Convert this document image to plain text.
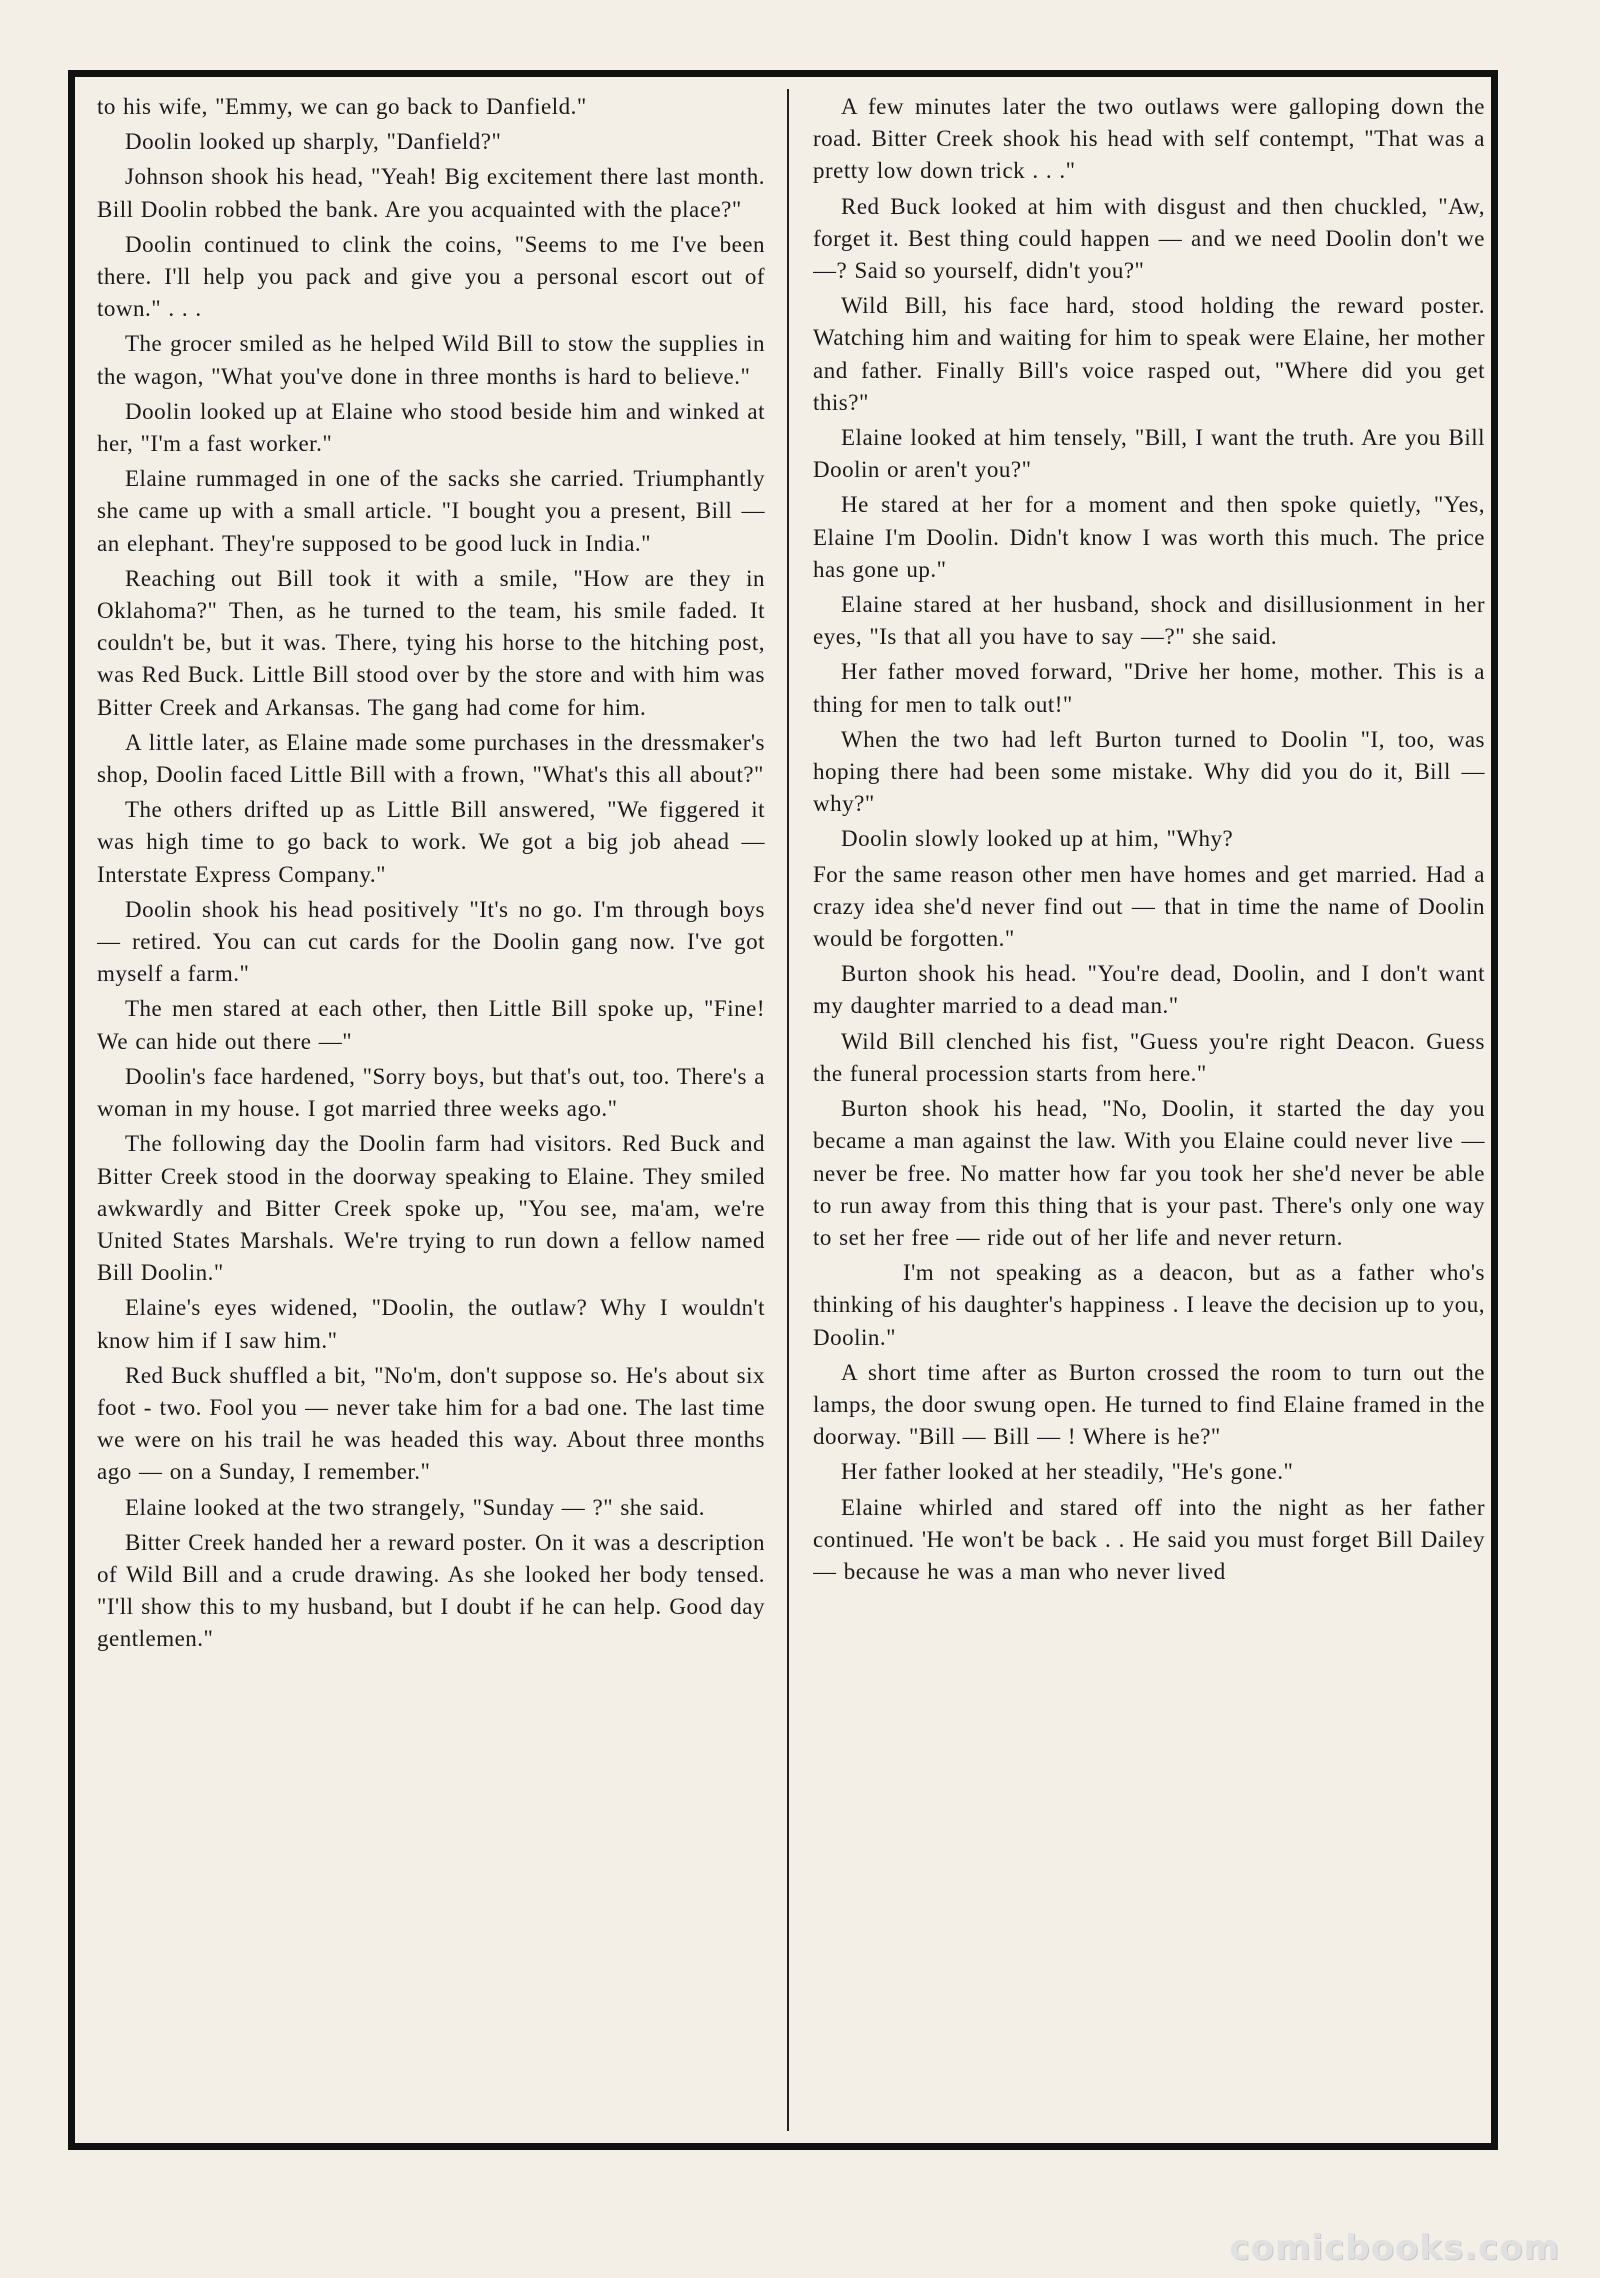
to his wife, "Emmy, we can go back to Danfield."

Doolin looked up sharply, "Danfield?"

Johnson shook his head, "Yeah! Big excitement there last month. Bill Doolin robbed the bank. Are you acquainted with the place?"

Doolin continued to clink the coins, "Seems to me I've been there. I'll help you pack and give you a personal escort out of town." . . .

The grocer smiled as he helped Wild Bill to stow the supplies in the wagon, "What you've done in three months is hard to believe."

Doolin looked up at Elaine who stood beside him and winked at her, "I'm a fast worker."

Elaine rummaged in one of the sacks she carried. Triumphantly she came up with a small article. "I bought you a present, Bill — an elephant. They're supposed to be good luck in India."

Reaching out Bill took it with a smile, "How are they in Oklahoma?" Then, as he turned to the team, his smile faded. It couldn't be, but it was. There, tying his horse to the hitching post, was Red Buck. Little Bill stood over by the store and with him was Bitter Creek and Arkansas. The gang had come for him.

A little later, as Elaine made some purchases in the dressmaker's shop, Doolin faced Little Bill with a frown, "What's this all about?"

The others drifted up as Little Bill answered, "We figgered it was high time to go back to work. We got a big job ahead — Interstate Express Company."

Doolin shook his head positively "It's no go. I'm through boys — retired. You can cut cards for the Doolin gang now. I've got myself a farm."

The men stared at each other, then Little Bill spoke up, "Fine! We can hide out there —"

Doolin's face hardened, "Sorry boys, but that's out, too. There's a woman in my house. I got married three weeks ago."

The following day the Doolin farm had visitors. Red Buck and Bitter Creek stood in the doorway speaking to Elaine. They smiled awkwardly and Bitter Creek spoke up, "You see, ma'am, we're United States Marshals. We're trying to run down a fellow named Bill Doolin."

Elaine's eyes widened, "Doolin, the outlaw? Why I wouldn't know him if I saw him."

Red Buck shuffled a bit, "No'm, don't suppose so. He's about six foot - two. Fool you — never take him for a bad one. The last time we were on his trail he was headed this way. About three months ago — on a Sunday, I remember."

Elaine looked at the two strangely, "Sunday — ?" she said.

Bitter Creek handed her a reward poster. On it was a description of Wild Bill and a crude drawing. As she looked her body tensed. "I'll show this to my husband, but I doubt if he can help. Good day gentlemen."

A few minutes later the two outlaws were galloping down the road. Bitter Creek shook his head with self contempt, "That was a pretty low down trick . . ."

Red Buck looked at him with disgust and then chuckled, "Aw, forget it. Best thing could happen — and we need Doolin don't we —? Said so yourself, didn't you?"

Wild Bill, his face hard, stood holding the reward poster. Watching him and waiting for him to speak were Elaine, her mother and father. Finally Bill's voice rasped out, "Where did you get this?"

Elaine looked at him tensely, "Bill, I want the truth. Are you Bill Doolin or aren't you?"

He stared at her for a moment and then spoke quietly, "Yes, Elaine I'm Doolin. Didn't know I was worth this much. The price has gone up."

Elaine stared at her husband, shock and disillusionment in her eyes, "Is that all you have to say —?" she said.

Her father moved forward, "Drive her home, mother. This is a thing for men to talk out!"

When the two had left Burton turned to Doolin "I, too, was hoping there had been some mistake. Why did you do it, Bill — why?"

Doolin slowly looked up at him, "Why?

For the same reason other men have homes and get married. Had a crazy idea she'd never find out — that in time the name of Doolin would be forgotten."

Burton shook his head. "You're dead, Doolin, and I don't want my daughter married to a dead man."

Wild Bill clenched his fist, "Guess you're right Deacon. Guess the funeral procession starts from here."

Burton shook his head, "No, Doolin, it started the day you became a man against the law. With you Elaine could never live — never be free. No matter how far you took her she'd never be able to run away from this thing that is your past. There's only one way to set her free — ride out of her life and never return.

I'm not speaking as a deacon, but as a father who's thinking of his daughter's happiness . I leave the decision up to you, Doolin."

A short time after as Burton crossed the room to turn out the lamps, the door swung open. He turned to find Elaine framed in the doorway. "Bill — Bill — ! Where is he?"

Her father looked at her steadily, "He's gone."

Elaine whirled and stared off into the night as her father continued. 'He won't be back . . He said you must forget Bill Dailey — because he was a man who never lived

comicbooks.com
